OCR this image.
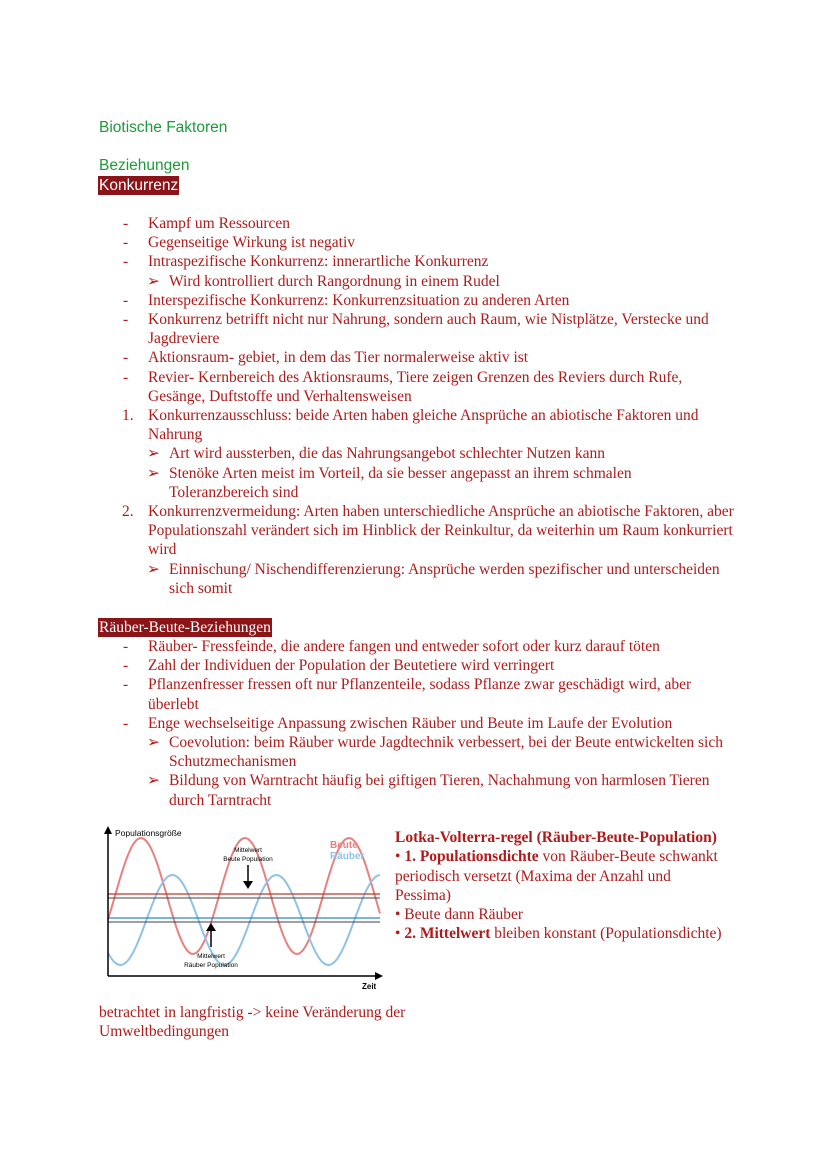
Biotische Faktoren
Beziehungen
Konkurrenz
- Kampf um Ressourcen
- Gegenseitige Wirkung ist negativ
- Intraspezifische Konkurrenz: innerartliche Konkurrenz
➢ Wird kontrolliert durch Rangordnung in einem Rudel
- Interspezifische Konkurrenz: Konkurrenzsituation zu anderen Arten
- Konkurrenz betrifft nicht nur Nahrung, sondern auch Raum, wie Nistplätze, Verstecke und Jagdreviere
- Aktionsraum- gebiet, in dem das Tier normalerweise aktiv ist
- Revier- Kernbereich des Aktionsraums, Tiere zeigen Grenzen des Reviers durch Rufe, Gesänge, Duftstoffe und Verhaltensweisen
1. Konkurrenzausschluss: beide Arten haben gleiche Ansprüche an abiotische Faktoren und Nahrung
➢ Art wird aussterben, die das Nahrungsangebot schlechter Nutzen kann
➢ Stenöke Arten meist im Vorteil, da sie besser angepasst an ihrem schmalen Toleranzbereich sind
2. Konkurrenzvermeidung: Arten haben unterschiedliche Ansprüche an abiotische Faktoren, aber Populationszahl verändert sich im Hinblick der Reinkultur, da weiterhin um Raum konkurriert wird
➢ Einnischung/ Nischendifferenzierung: Ansprüche werden spezifischer und unterscheiden sich somit
Räuber-Beute-Beziehungen
- Räuber- Fressfeinde, die andere fangen und entweder sofort oder kurz darauf töten
- Zahl der Individuen der Population der Beutetiere wird verringert
- Pflanzenfresser fressen oft nur Pflanzenteile, sodass Pflanze zwar geschädigt wird, aber überlebt
- Enge wechselseitige Anpassung zwischen Räuber und Beute im Laufe der Evolution
➢ Coevolution: beim Räuber wurde Jagdtechnik verbessert, bei der Beute entwickelten sich Schutzmechanismen
➢ Bildung von Warntracht häufig bei giftigen Tieren, Nachahmung von harmlosen Tieren durch Tarntracht
Populationsgröße
Zeit
Beute
Räuber
Mittelwert
Beute Population
Mittelwert
Räuber Population
Lotka-Volterra-regel (Räuber-Beute-Population)
• 1. Populationsdichte von Räuber-Beute schwankt
periodisch versetzt (Maxima der Anzahl und Pessima)
• Beute dann Räuber
• 2. Mittelwert bleiben konstant (Populationsdichte)
betrachtet in langfristig -> keine Veränderung der Umweltbedingungen
